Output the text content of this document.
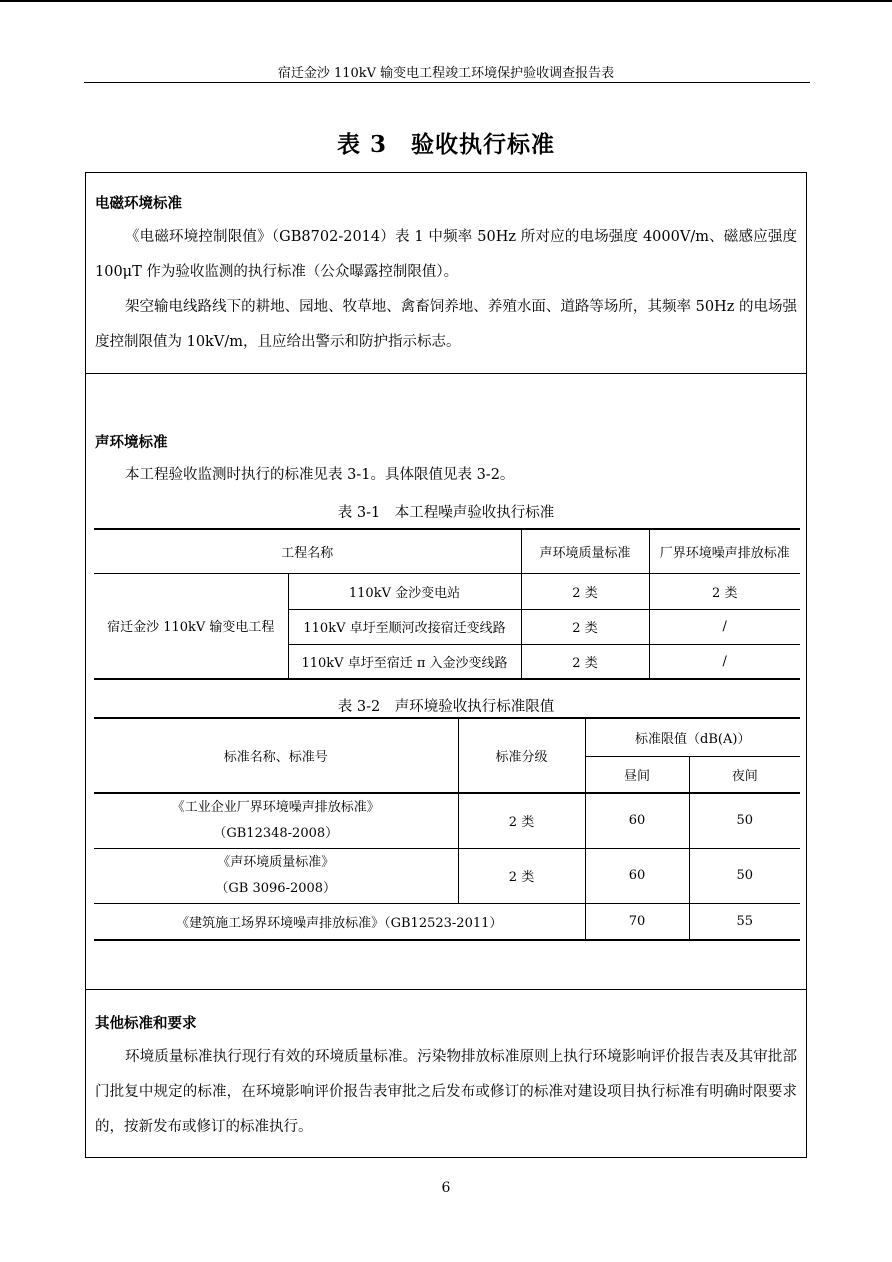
宿迁金沙 110kV 输变电工程竣工环境保护验收调查报告表
表 3　验收执行标准
电磁环境标准
《电磁环境控制限值》（GB8702-2014）表 1 中频率 50Hz 所对应的电场强度 4000V/m、磁感应强度 100μT 作为验收监测的执行标准（公众曝露控制限值）。
架空输电线路线下的耕地、园地、牧草地、禽畜饲养地、养殖水面、道路等场所，其频率 50Hz 的电场强度控制限值为 10kV/m，且应给出警示和防护指示标志。
声环境标准
本工程验收监测时执行的标准见表 3-1。具体限值见表 3-2。
表 3-1　本工程噪声验收执行标准
工程名称		声环境质量标准	厂界环境噪声排放标准
宿迁金沙 110kV 输变电工程	110kV 金沙变电站	2 类	2 类
	110kV 卓圩至顺河改接宿迁变线路	2 类	/
	110kV 卓圩至宿迁 π 入金沙变线路	2 类	/
表 3-2　声环境验收执行标准限值
标准名称、标准号	标准分级	标准限值（dB(A)）	
		昼间	夜间

《工业企业厂界环境噪声排放标准》
（GB12348-2008）	2 类	60	50

《声环境质量标准》
（GB 3096-2008）	2 类	60	50
《建筑施工场界环境噪声排放标准》（GB12523-2011）		70	55
其他标准和要求
环境质量标准执行现行有效的环境质量标准。污染物排放标准原则上执行环境影响评价报告表及其审批部门批复中规定的标准，在环境影响评价报告表审批之后发布或修订的标准对建设项目执行标准有明确时限要求的，按新发布或修订的标准执行。
6
